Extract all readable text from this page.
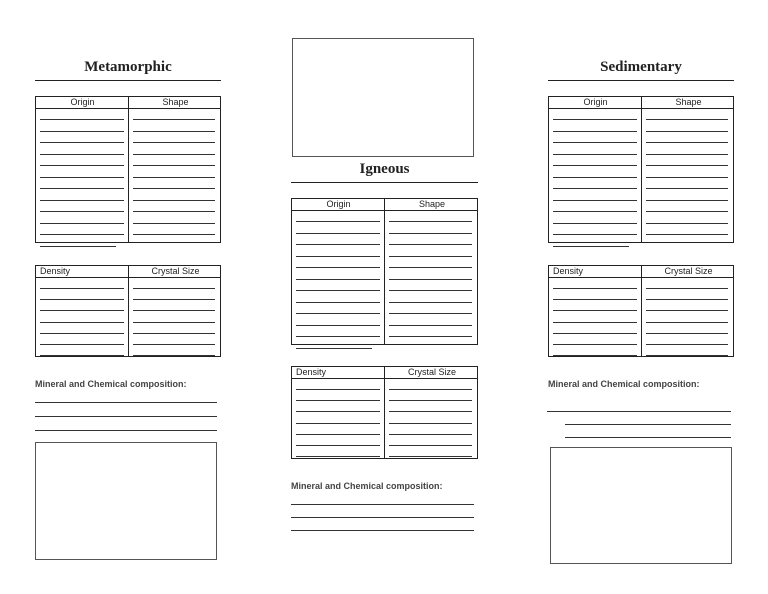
Metamorphic
Origin	Shape
Density	Crystal Size
Mineral and Chemical composition:
Igneous
Origin	Shape
Density	Crystal Size
Mineral and Chemical composition:
Sedimentary
Origin	Shape
Density	Crystal Size
Mineral and Chemical composition:
